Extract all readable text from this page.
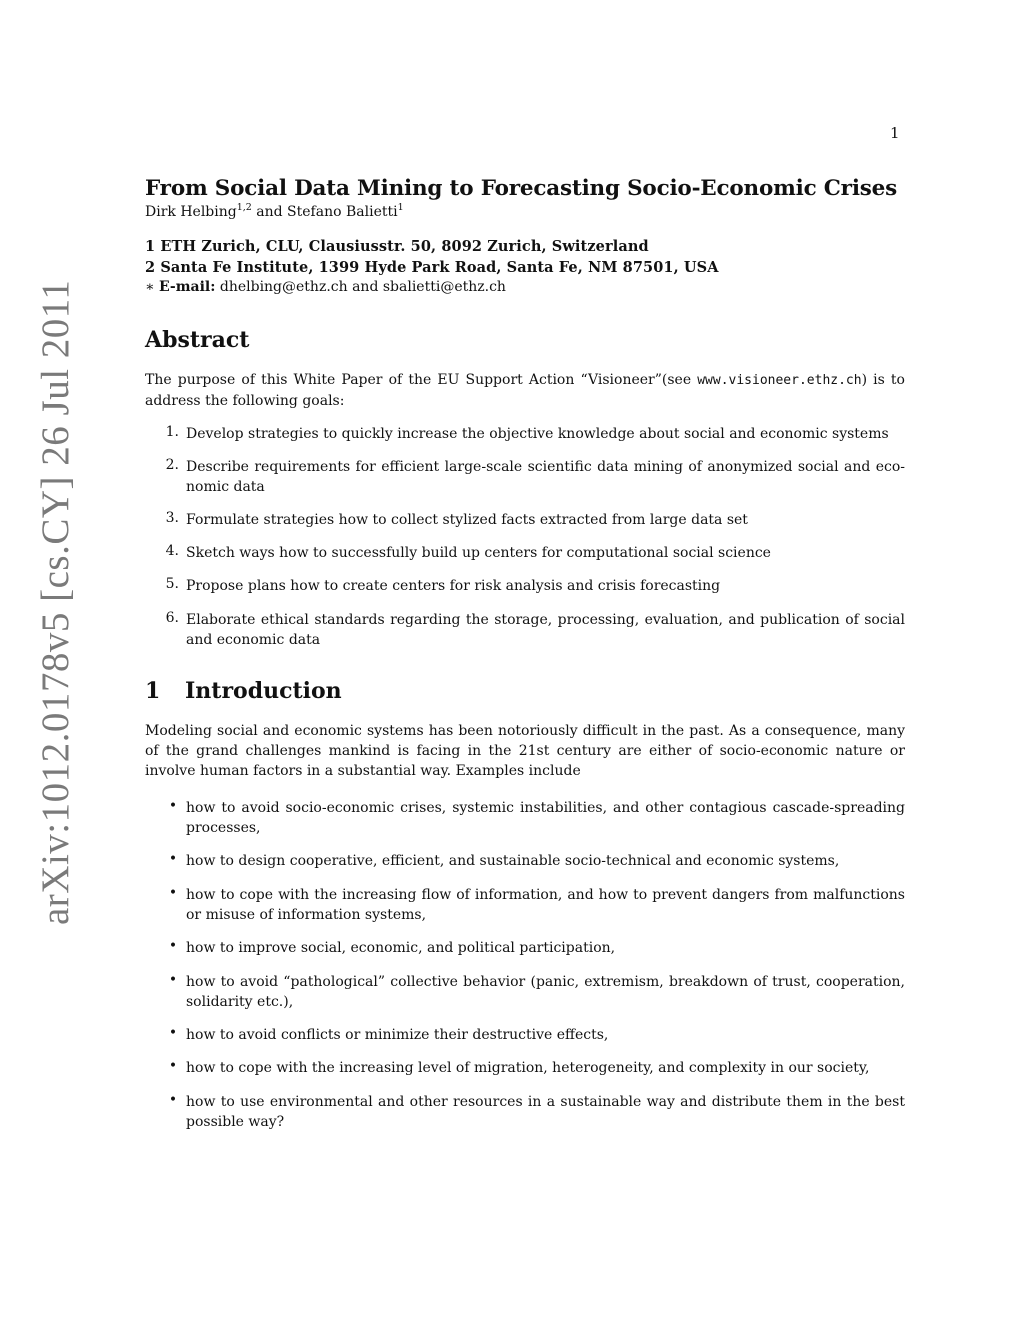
1
arXiv:1012.0178v5 [cs.CY] 26 Jul 2011
From Social Data Mining to Forecasting Socio-Economic Crises
Dirk Helbing$^{1,2}$ and Stefano Balietti$^1$
1 ETH Zurich, CLU, Clausiusstr. 50, 8092 Zurich, Switzerland
2 Santa Fe Institute, 1399 Hyde Park Road, Santa Fe, NM 87501, USA
∗ E-mail: dhelbing@ethz.ch and sbalietti@ethz.ch
Abstract
The purpose of this White Paper of the EU Support Action “Visioneer”(see www.visioneer.ethz.ch) is to address the following goals:
1. Develop strategies to quickly increase the objective knowledge about social and economic systems
2. Describe requirements for efficient large-scale scientific data mining of anonymized social and eco- nomic data
3. Formulate strategies how to collect stylized facts extracted from large data set
4. Sketch ways how to successfully build up centers for computational social science
5. Propose plans how to create centers for risk analysis and crisis forecasting
6. Elaborate ethical standards regarding the storage, processing, evaluation, and publication of social and economic data
1 Introduction
Modeling social and economic systems has been notoriously difficult in the past. As a consequence, many of the grand challenges mankind is facing in the 21st century are either of socio-economic nature or involve human factors in a substantial way. Examples include
• how to avoid socio-economic crises, systemic instabilities, and other contagious cascade-spreading processes,
• how to design cooperative, efficient, and sustainable socio-technical and economic systems,
• how to cope with the increasing flow of information, and how to prevent dangers from malfunctions or misuse of information systems,
• how to improve social, economic, and political participation,
• how to avoid “pathological” collective behavior (panic, extremism, breakdown of trust, cooperation, solidarity etc.),
• how to avoid conflicts or minimize their destructive effects,
• how to cope with the increasing level of migration, heterogeneity, and complexity in our society,
• how to use environmental and other resources in a sustainable way and distribute them in the best possible way?
